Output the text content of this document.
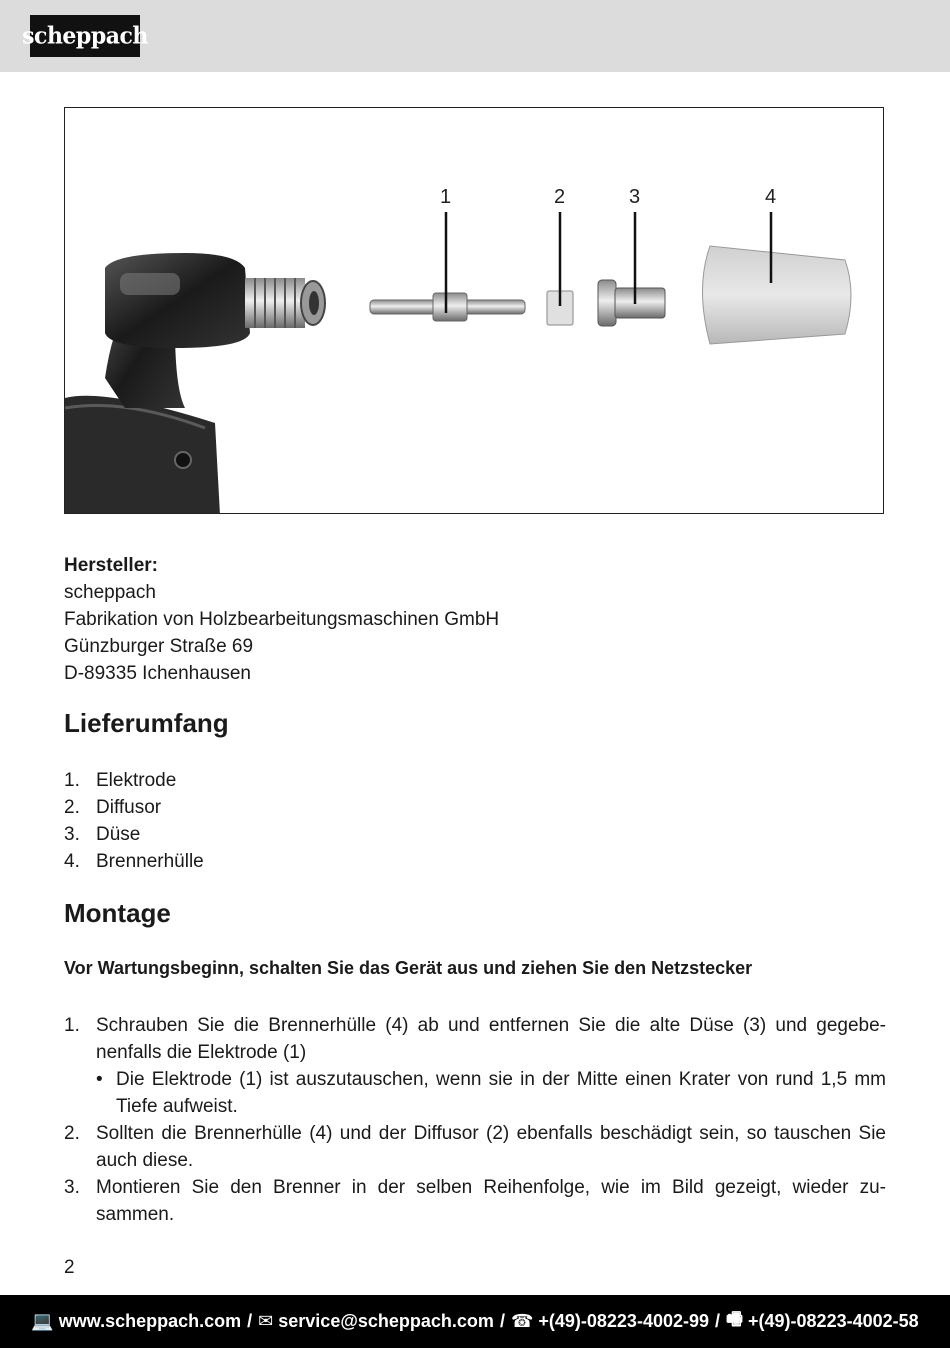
scheppach
1	2	3	4
Hersteller:
scheppach
Fabrikation von Holzbearbeitungsmaschinen GmbH
Günzburger Straße 69
D-89335 Ichenhausen
Lieferumfang
1. Elektrode
2. Diffusor
3. Düse
4. Brennerhülle
Montage
Vor Wartungsbeginn, schalten Sie das Gerät aus und ziehen Sie den Netzstecker
1. Schrauben Sie die Brennerhülle (4) ab und entfernen Sie die alte Düse (3) und gegebe-nenfalls die Elektrode (1)
• Die Elektrode (1) ist auszutauschen, wenn sie in der Mitte einen Krater von rund 1,5 mm Tiefe aufweist.
2. Sollten die Brennerhülle (4) und der Diffusor (2) ebenfalls beschädigt sein, so tauschen Sie auch diese.
3. Montieren Sie den Brenner in der selben Reihenfolge, wie im Bild gezeigt, wieder zu-sammen.
2
💻 www.scheppach.com / ✉ service@scheppach.com / ☎ +(49)-08223-4002-99 / 🖷 +(49)-08223-4002-58
